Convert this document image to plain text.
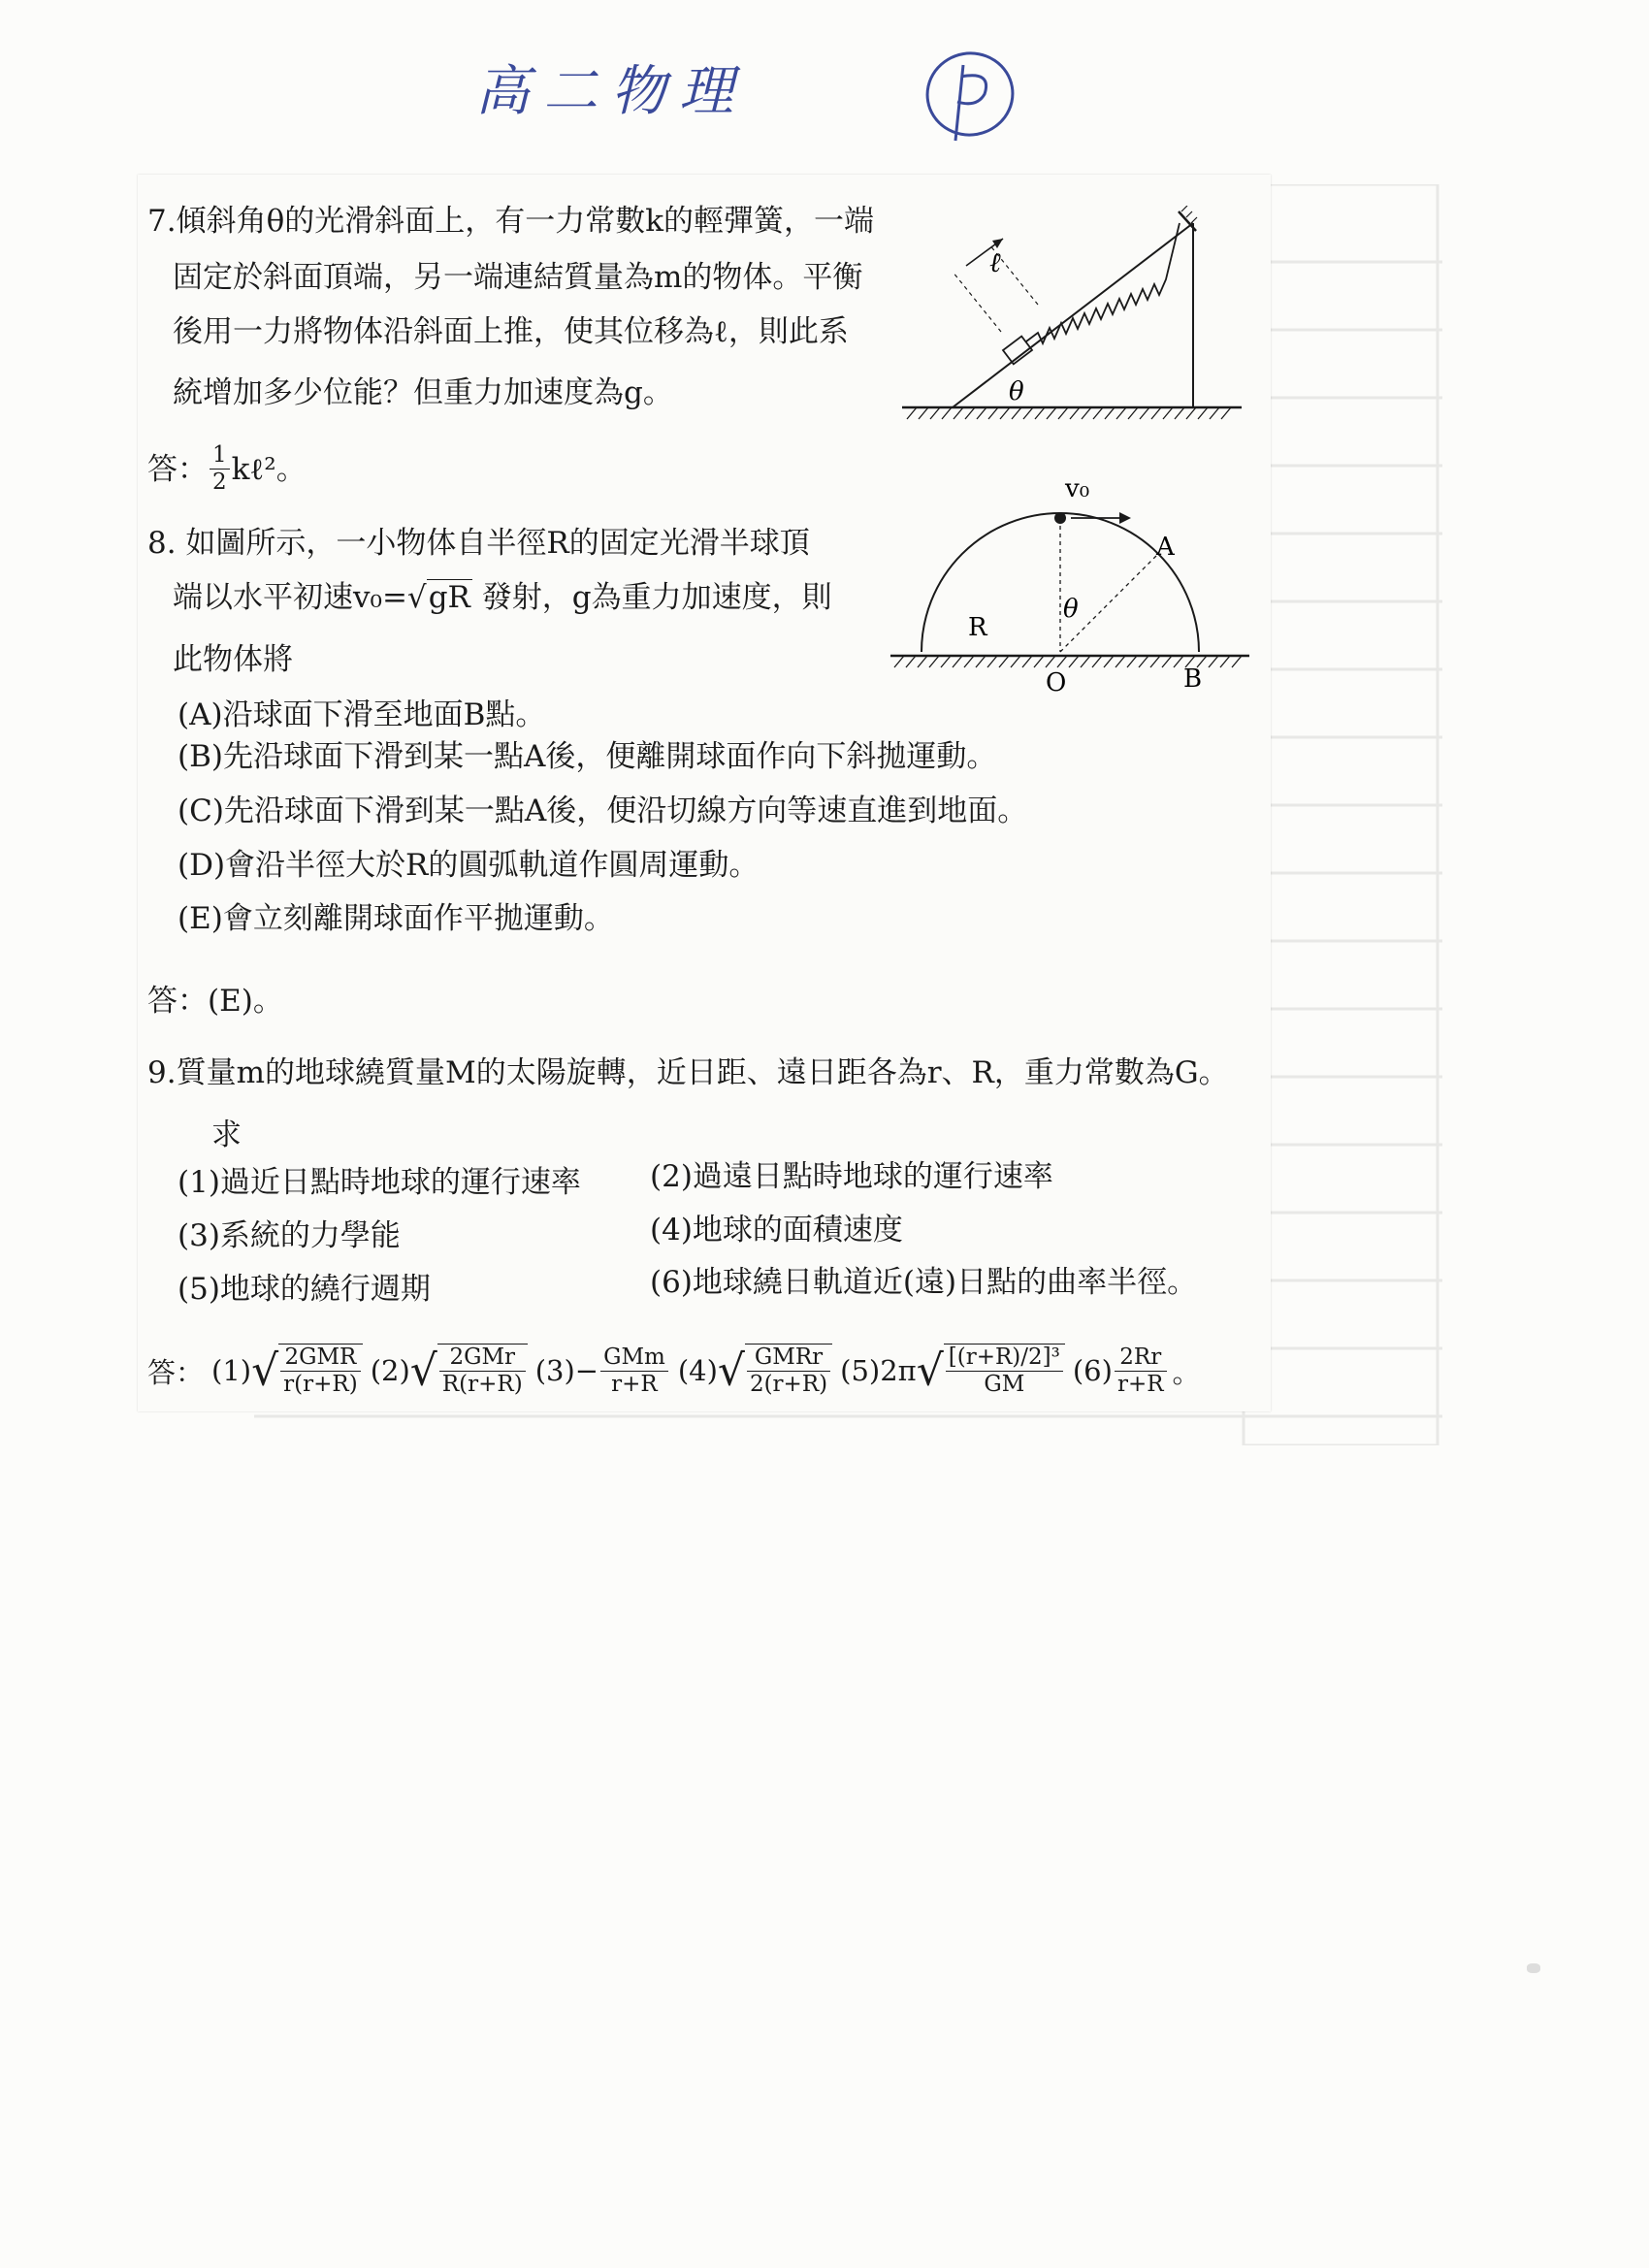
高二物理
7.傾斜角θ的光滑斜面上，有一力常數k的輕彈簧，一端
固定於斜面頂端，另一端連結質量為m的物体。平衡
後用一力將物体沿斜面上推，使其位移為ℓ，則此系
統增加多少位能？但重力加速度為g。
答： $\frac{1}{2}$ kℓ²。
ℓ
θ
8. 如圖所示，一小物体自半徑R的固定光滑半球頂
端以水平初速v₀=√gR 發射，g為重力加速度，則
此物体將
(A)沿球面下滑至地面B點。
(B)先沿球面下滑到某一點A後，便離開球面作向下斜拋運動。
(C)先沿球面下滑到某一點A後，便沿切線方向等速直進到地面。
(D)會沿半徑大於R的圓弧軌道作圓周運動。
(E)會立刻離開球面作平拋運動。
答：(E)。
v₀
A
R
θ
O	B
9.質量m的地球繞質量M的太陽旋轉，近日距、遠日距各為r、R，重力常數為G。
求
(1)過近日點時地球的運行速率 (2)過遠日點時地球的運行速率
(3)系統的力學能	(4)地球的面積速度
(5)地球的繞行週期	(6)地球繞日軌道近(遠)日點的曲率半徑。
答： (1) √ $\frac{\text{2GMR}}{r(r+R)} (2)$ √ $\frac{\text{2GMr}}{R(r+R)} (3)- \frac{\text{GMm}}{r+R} (4)$ √ $\frac{\text{GMRr}}{2(r+R)} (5)2\pi$ √ $\frac{\text{[(r+R)/2]³}}{GM} (6) \frac{2Rr}{r+R}$ 。
